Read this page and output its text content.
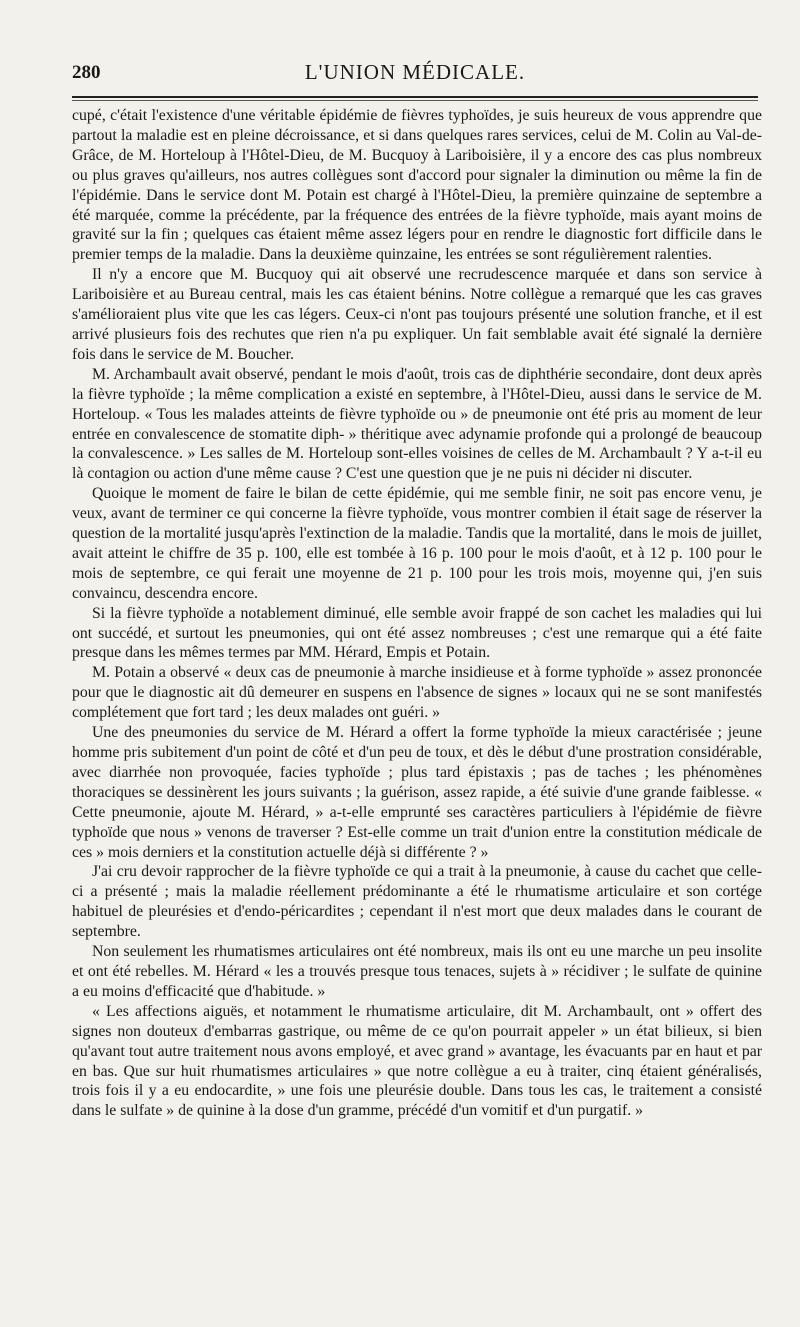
280	L'UNION MÉDICALE.

cupé, c'était l'existence d'une véritable épidémie de fièvres typhoïdes, je suis heureux de vous apprendre que partout la maladie est en pleine décroissance, et si dans quelques rares services, celui de M. Colin au Val-de-Grâce, de M. Horteloup à l'Hôtel-Dieu, de M. Bucquoy à Lariboisière, il y a encore des cas plus nombreux ou plus graves qu'ailleurs, nos autres collègues sont d'accord pour signaler la diminution ou même la fin de l'épidémie. Dans le service dont M. Potain est chargé à l'Hôtel-Dieu, la première quinzaine de septembre a été marquée, comme la précédente, par la fréquence des entrées de la fièvre typhoïde, mais ayant moins de gravité sur la fin ; quelques cas étaient même assez légers pour en rendre le diagnostic fort difficile dans le premier temps de la maladie. Dans la deuxième quinzaine, les entrées se sont régulièrement ralenties.

Il n'y a encore que M. Bucquoy qui ait observé une recrudescence marquée et dans son service à Lariboisière et au Bureau central, mais les cas étaient bénins. Notre collègue a remarqué que les cas graves s'amélioraient plus vite que les cas légers. Ceux-ci n'ont pas toujours présenté une solution franche, et il est arrivé plusieurs fois des rechutes que rien n'a pu expliquer. Un fait semblable avait été signalé la dernière fois dans le service de M. Boucher.

M. Archambault avait observé, pendant le mois d'août, trois cas de diphthérie secondaire, dont deux après la fièvre typhoïde ; la même complication a existé en septembre, à l'Hôtel-Dieu, aussi dans le service de M. Horteloup. « Tous les malades atteints de fièvre typhoïde ou » de pneumonie ont été pris au moment de leur entrée en convalescence de stomatite diph- » théritique avec adynamie profonde qui a prolongé de beaucoup la convalescence. » Les salles de M. Horteloup sont-elles voisines de celles de M. Archambault ? Y a-t-il eu là contagion ou action d'une même cause ? C'est une question que je ne puis ni décider ni discuter.

Quoique le moment de faire le bilan de cette épidémie, qui me semble finir, ne soit pas encore venu, je veux, avant de terminer ce qui concerne la fièvre typhoïde, vous montrer combien il était sage de réserver la question de la mortalité jusqu'après l'extinction de la maladie. Tandis que la mortalité, dans le mois de juillet, avait atteint le chiffre de 35 p. 100, elle est tombée à 16 p. 100 pour le mois d'août, et à 12 p. 100 pour le mois de septembre, ce qui ferait une moyenne de 21 p. 100 pour les trois mois, moyenne qui, j'en suis convaincu, descendra encore.

Si la fièvre typhoïde a notablement diminué, elle semble avoir frappé de son cachet les maladies qui lui ont succédé, et surtout les pneumonies, qui ont été assez nombreuses ; c'est une remarque qui a été faite presque dans les mêmes termes par MM. Hérard, Empis et Potain.

M. Potain a observé « deux cas de pneumonie à marche insidieuse et à forme typhoïde » assez prononcée pour que le diagnostic ait dû demeurer en suspens en l'absence de signes » locaux qui ne se sont manifestés complétement que fort tard ; les deux malades ont guéri. »

Une des pneumonies du service de M. Hérard a offert la forme typhoïde la mieux caractérisée ; jeune homme pris subitement d'un point de côté et d'un peu de toux, et dès le début d'une prostration considérable, avec diarrhée non provoquée, facies typhoïde ; plus tard épistaxis ; pas de taches ; les phénomènes thoraciques se dessinèrent les jours suivants ; la guérison, assez rapide, a été suivie d'une grande faiblesse. « Cette pneumonie, ajoute M. Hérard, » a-t-elle emprunté ses caractères particuliers à l'épidémie de fièvre typhoïde que nous » venons de traverser ? Est-elle comme un trait d'union entre la constitution médicale de ces » mois derniers et la constitution actuelle déjà si différente ? »

J'ai cru devoir rapprocher de la fièvre typhoïde ce qui a trait à la pneumonie, à cause du cachet que celle-ci a présenté ; mais la maladie réellement prédominante a été le rhumatisme articulaire et son cortége habituel de pleurésies et d'endo-péricardites ; cependant il n'est mort que deux malades dans le courant de septembre.

Non seulement les rhumatismes articulaires ont été nombreux, mais ils ont eu une marche un peu insolite et ont été rebelles. M. Hérard « les a trouvés presque tous tenaces, sujets à » récidiver ; le sulfate de quinine a eu moins d'efficacité que d'habitude. »

« Les affections aiguës, et notamment le rhumatisme articulaire, dit M. Archambault, ont » offert des signes non douteux d'embarras gastrique, ou même de ce qu'on pourrait appeler » un état bilieux, si bien qu'avant tout autre traitement nous avons employé, et avec grand » avantage, les évacuants par en haut et par en bas. Que sur huit rhumatismes articulaires » que notre collègue a eu à traiter, cinq étaient généralisés, trois fois il y a eu endocardite, » une fois une pleurésie double. Dans tous les cas, le traitement a consisté dans le sulfate » de quinine à la dose d'un gramme, précédé d'un vomitif et d'un purgatif. »
